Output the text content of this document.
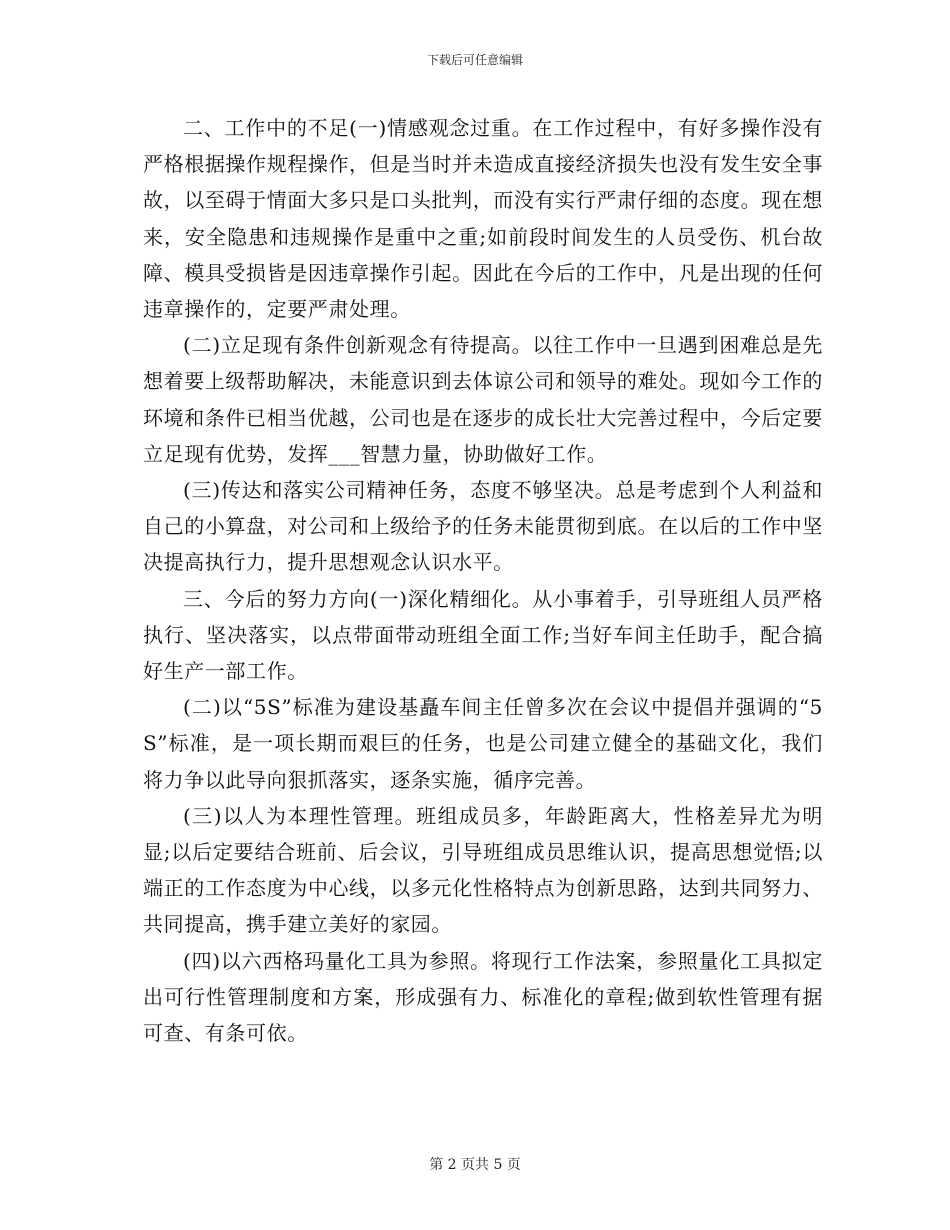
下载后可任意编辑

二、工作中的不足(一)情感观念过重。在工作过程中，有好多操作没有严格根据操作规程操作，但是当时并未造成直接经济损失也没有发生安全事故，以至碍于情面大多只是口头批判，而没有实行严肃仔细的态度。现在想来，安全隐患和违规操作是重中之重;如前段时间发生的人员受伤、机台故障、模具受损皆是因违章操作引起。因此在今后的工作中，凡是出现的任何违章操作的，定要严肃处理。

(二)立足现有条件创新观念有待提高。以往工作中一旦遇到困难总是先想着要上级帮助解决，未能意识到去体谅公司和领导的难处。现如今工作的环境和条件已相当优越，公司也是在逐步的成长壮大完善过程中，今后定要立足现有优势，发挥___智慧力量，协助做好工作。

(三)传达和落实公司精神任务，态度不够坚决。总是考虑到个人利益和自己的小算盘，对公司和上级给予的任务未能贯彻到底。在以后的工作中坚决提高执行力，提升思想观念认识水平。

三、今后的努力方向(一)深化精细化。从小事着手，引导班组人员严格执行、坚决落实，以点带面带动班组全面工作;当好车间主任助手，配合搞好生产一部工作。

(二)以“5S”标准为建设基矗车间主任曾多次在会议中提倡并强调的“5S”标准，是一项长期而艰巨的任务，也是公司建立健全的基础文化，我们将力争以此导向狠抓落实，逐条实施，循序完善。

(三)以人为本理性管理。班组成员多，年龄距离大，性格差异尤为明显;以后定要结合班前、后会议，引导班组成员思维认识，提高思想觉悟;以端正的工作态度为中心线，以多元化性格特点为创新思路，达到共同努力、共同提高，携手建立美好的家园。

(四)以六西格玛量化工具为参照。将现行工作法案，参照量化工具拟定出可行性管理制度和方案，形成强有力、标准化的章程;做到软性管理有据可查、有条可依。

第 2 页共 5 页
